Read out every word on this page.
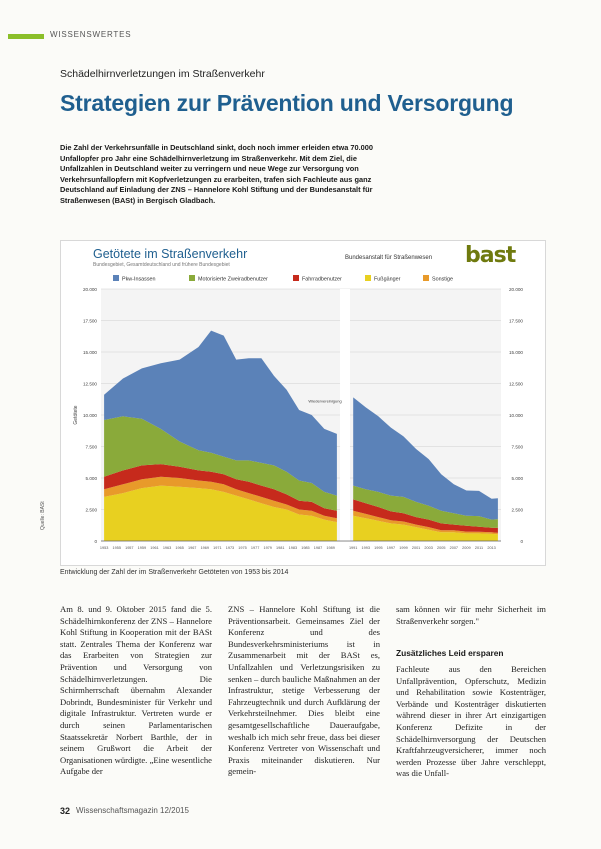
WISSENSWERTES
Schädelhirnverletzungen im Straßenverkehr
Strategien zur Prävention und Versorgung
Die Zahl der Verkehrsunfälle in Deutschland sinkt, doch noch immer erleiden etwa 70.000 Unfallopfer pro Jahr eine Schädelhirnverletzung im Straßenverkehr. Mit dem Ziel, die Unfallzahlen in Deutschland weiter zu verringern und neue Wege zur Versorgung von Verkehrsunfallopfern mit Kopfverletzungen zu erarbeiten, trafen sich Fachleute aus ganz Deutschland auf Einladung der ZNS – Hannelore Kohl Stiftung und der Bundesanstalt für Straßenwesen (BASt) in Bergisch Gladbach.
0	0
2.500	2.500
5.000	5.000
7.500	7.500
10.000	10.000
12.500	12.500
15.000	15.000
17.500	17.500
20.000	20.000
Wiedervereinigung
1953 1955 1957 1959 1961 1963 1965 1967 1969 1971 1973 1975 1977 1979 1981 1983 1985 1987 1989	1991 1993 1995 1997 1999 2001 2003 2005 2007 2009 2011 2013
Getötete
Pkw-Insassen	Motorisierte Zweiradbenutzer	Fahrradbenutzer	Fußgänger	Sonstige
Getötete im Straßenverkehr
Bundesgebiet, Gesamtdeutschland und frühere Bundesgebiet
Bundesanstalt für Straßenwesen bast
Quelle: BASt
Entwicklung der Zahl der im Straßenverkehr Getöteten von 1953 bis 2014
Am 8. und 9. Oktober 2015 fand die 5. Schädelhirnkonferenz der ZNS – Hannelore Kohl Stiftung in Kooperation mit der BASt statt. Zentrales Thema der Konferenz war das Erarbeiten von Strategien zur Prävention und Versorgung von Schädelhirnverletzungen. Die Schirmherrschaft übernahm Alexander Dobrindt, Bundesminister für Verkehr und digitale Infrastruktur. Vertreten wurde er durch seinen Parlamentarischen Staatssekretär Norbert Barthle, der in seinem Grußwort die Arbeit der Organisationen würdigte. „Eine wesentliche Aufgabe der
ZNS – Hannelore Kohl Stiftung ist die Präventionsarbeit. Gemeinsames Ziel der Konferenz und des Bundesverkehrsministeriums ist in Zusammenarbeit mit der BASt es, Unfallzahlen und Verletzungsrisiken zu senken – durch bauliche Maßnahmen an der Infrastruktur, stetige Verbesserung der Fahrzeugtechnik und durch Aufklärung der Verkehrsteilnehmer. Dies bleibt eine gesamtgesellschaftliche Daueraufgabe, weshalb ich mich sehr freue, dass bei dieser Konferenz Vertreter von Wissenschaft und Praxis miteinander diskutieren. Nur gemein-
sam können wir für mehr Sicherheit im Straßenverkehr sorgen."
Zusätzliches Leid ersparen
Fachleute aus den Bereichen Unfallprävention, Opferschutz, Medizin und Rehabilitation sowie Kostenträger, Verbände und Kostenträger diskutierten während dieser in ihrer Art einzigartigen Konferenz Defizite in der Schädelhirnversorgung der Deutschen Kraftfahrzeugversicherer, immer noch werden Prozesse über Jahre verschleppt, was die Unfall-
32 Wissenschaftsmagazin 12/2015
